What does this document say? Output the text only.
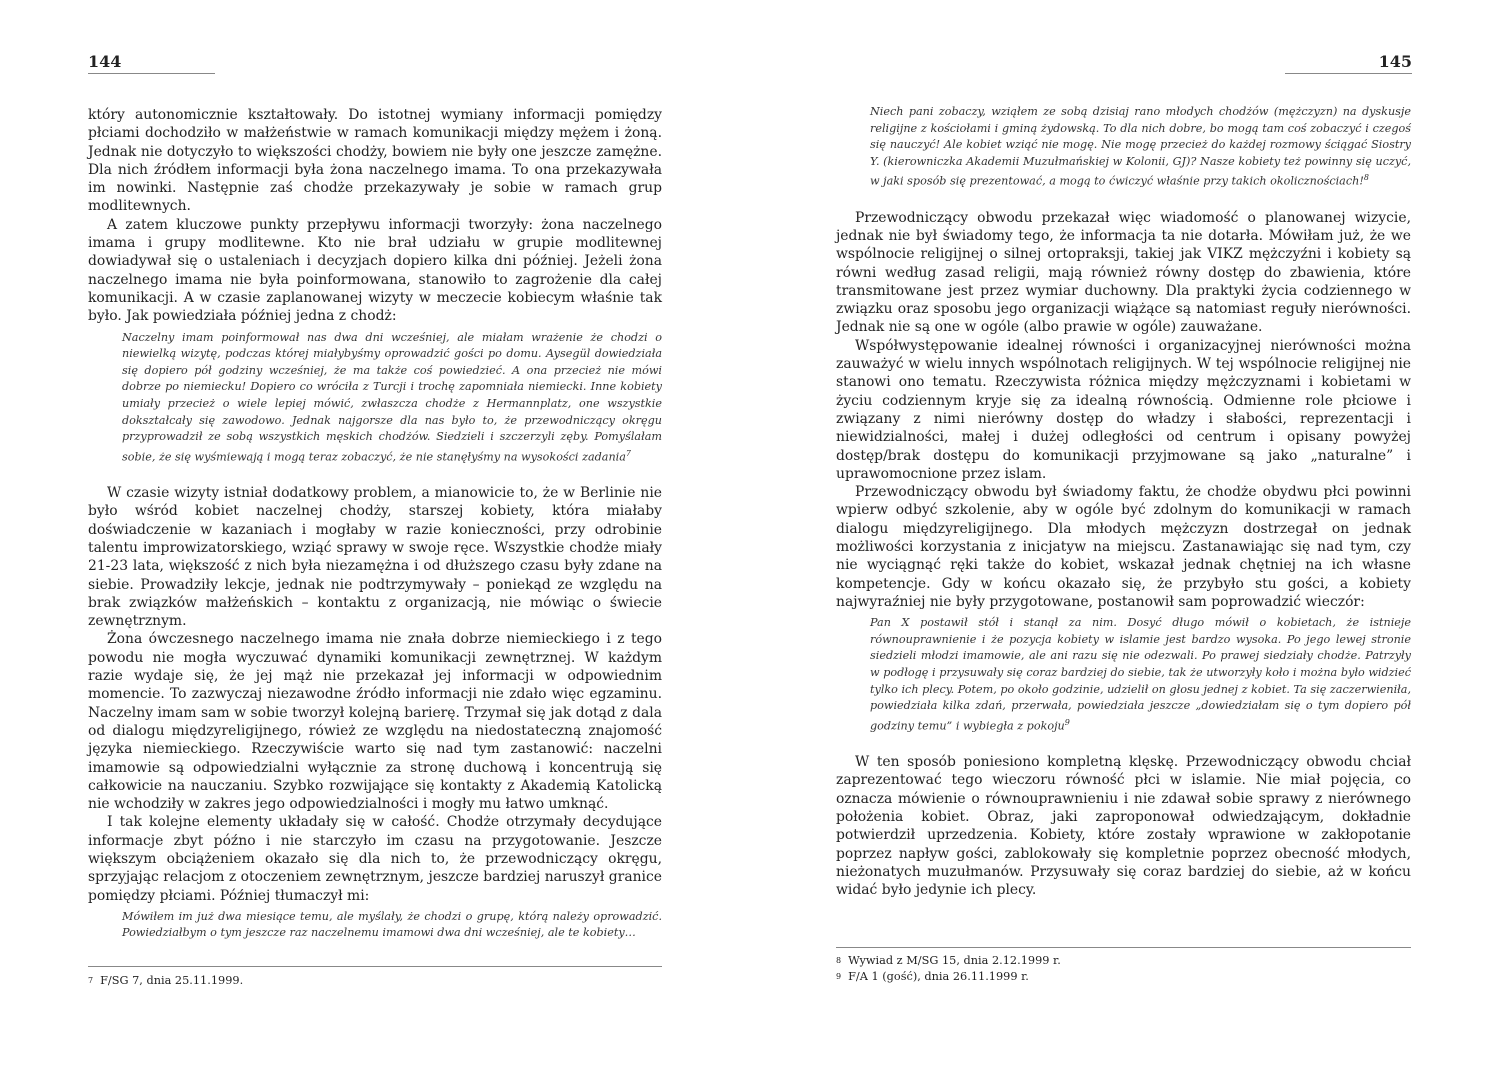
144

który autonomicznie kształtowały. Do istotnej wymiany informacji pomiędzy płciami dochodziło w małżeństwie w ramach komunikacji między mężem i żoną. Jednak nie dotyczyło to większości chodży, bowiem nie były one jeszcze zamężne. Dla nich źródłem informacji była żona naczelnego imama. To ona przekazywała im nowinki. Następnie zaś chodże przekazywały je sobie w ramach grup modlitewnych.

A zatem kluczowe punkty przepływu informacji tworzyły: żona naczelnego imama i grupy modlitewne. Kto nie brał udziału w grupie modlitewnej dowiadywał się o ustaleniach i decyzjach dopiero kilka dni później. Jeżeli żona naczelnego imama nie była poinformowana, stanowiło to zagrożenie dla całej komunikacji. A w czasie zaplanowanej wizyty w meczecie kobiecym właśnie tak było. Jak powiedziała później jedna z chodż:

Naczelny imam poinformował nas dwa dni wcześniej, ale miałam wrażenie że chodzi o niewielką wizytę, podczas której miałybyśmy oprowadzić gości po domu. Aysegül dowiedziała się dopiero pół godziny wcześniej, że ma także coś powiedzieć. A ona przecież nie mówi dobrze po niemiecku! Dopiero co wróciła z Turcji i trochę zapomniała niemiecki. Inne kobiety umiały przecież o wiele lepiej mówić, zwłaszcza chodże z Hermannplatz, one wszystkie dokształcały się zawodowo. Jednak najgorsze dla nas było to, że przewodniczący okręgu przyprowadził ze sobą wszystkich męskich chodżów. Siedzieli i szczerzyli zęby. Pomyślałam sobie, że się wyśmiewają i mogą teraz zobaczyć, że nie stanęłyśmy na wysokości zadania$^7$

W czasie wizyty istniał dodatkowy problem, a mianowicie to, że w Berlinie nie było wśród kobiet naczelnej chodży, starszej kobiety, która miałaby doświadczenie w kazaniach i mogłaby w razie konieczności, przy odrobinie talentu improwizatorskiego, wziąć sprawy w swoje ręce. Wszystkie chodże miały 21-23 lata, większość z nich była niezamężna i od dłuższego czasu były zdane na siebie. Prowadziły lekcje, jednak nie podtrzymywały – poniekąd ze względu na brak związków małżeńskich – kontaktu z organizacją, nie mówiąc o świecie zewnętrznym.

Żona ówczesnego naczelnego imama nie znała dobrze niemieckiego i z tego powodu nie mogła wyczuwać dynamiki komunikacji zewnętrznej. W każdym razie wydaje się, że jej mąż nie przekazał jej informacji w odpowiednim momencie. To zazwyczaj niezawodne źródło informacji nie zdało więc egzaminu. Naczelny imam sam w sobie tworzył kolejną barierę. Trzymał się jak dotąd z dala od dialogu międzyreligijnego, rówież ze względu na niedostateczną znajomość języka niemieckiego. Rzeczywiście warto się nad tym zastanowić: naczelni imamowie są odpowiedzialni wyłącznie za stronę duchową i koncentrują się całkowicie na nauczaniu. Szybko rozwijające się kontakty z Akademią Katolicką nie wchodziły w zakres jego odpowiedzialności i mogły mu łatwo umknąć.

I tak kolejne elementy układały się w całość. Chodże otrzymały decydujące informacje zbyt późno i nie starczyło im czasu na przygotowanie. Jeszcze większym obciążeniem okazało się dla nich to, że przewodniczący okręgu, sprzyjając relacjom z otoczeniem zewnętrznym, jeszcze bardziej naruszył granice pomiędzy płciami. Później tłumaczył mi:

Mówiłem im już dwa miesiące temu, ale myślały, że chodzi o grupę, którą należy oprowadzić. Powiedziałbym o tym jeszcze raz naczelnemu imamowi dwa dni wcześniej, ale te kobiety…

$^7$ F/SG 7, dnia 25.11.1999.
145

Niech pani zobaczy, wziąłem ze sobą dzisiaj rano młodych chodżów (mężczyzn) na dyskusje religijne z kościołami i gminą żydowską. To dla nich dobre, bo mogą tam coś zobaczyć i czegoś się nauczyć! Ale kobiet wziąć nie mogę. Nie mogę przecież do każdej rozmowy ściągać Siostry Y. (kierowniczka Akademii Muzułmańskiej w Kolonii, GJ)? Nasze kobiety też powinny się uczyć, w jaki sposób się prezentować, a mogą to ćwiczyć właśnie przy takich okolicznościach!$^8$

Przewodniczący obwodu przekazał więc wiadomość o planowanej wizycie, jednak nie był świadomy tego, że informacja ta nie dotarła. Mówiłam już, że we wspólnocie religijnej o silnej ortopraksji, takiej jak VIKZ mężczyźni i kobiety są równi według zasad religii, mają również równy dostęp do zbawienia, które transmitowane jest przez wymiar duchowny. Dla praktyki życia codziennego w związku oraz sposobu jego organizacji wiążące są natomiast reguły nierówności. Jednak nie są one w ogóle (albo prawie w ogóle) zauważane.

Współwystępowanie idealnej równości i organizacyjnej nierówności można zauważyć w wielu innych wspólnotach religijnych. W tej wspólnocie religijnej nie stanowi ono tematu. Rzeczywista różnica między mężczyznami i kobietami w życiu codziennym kryje się za idealną równością. Odmienne role płciowe i związany z nimi nierówny dostęp do władzy i słabości, reprezentacji i niewidzialności, małej i dużej odległości od centrum i opisany powyżej dostęp/brak dostępu do komunikacji przyjmowane są jako „naturalne” i uprawomocnione przez islam.

Przewodniczący obwodu był świadomy faktu, że chodże obydwu płci powinni wpierw odbyć szkolenie, aby w ogóle być zdolnym do komunikacji w ramach dialogu międzyreligijnego. Dla młodych mężczyzn dostrzegał on jednak możliwości korzystania z inicjatyw na miejscu. Zastanawiając się nad tym, czy nie wyciągnąć ręki także do kobiet, wskazał jednak chętniej na ich własne kompetencje. Gdy w końcu okazało się, że przybyło stu gości, a kobiety najwyraźniej nie były przygotowane, postanowił sam poprowadzić wieczór:

Pan X postawił stół i stanął za nim. Dosyć długo mówił o kobietach, że istnieje równouprawnienie i że pozycja kobiety w islamie jest bardzo wysoka. Po jego lewej stronie siedzieli młodzi imamowie, ale ani razu się nie odezwali. Po prawej siedziały chodże. Patrzyły w podłogę i przysuwały się coraz bardziej do siebie, tak że utworzyły koło i można było widzieć tylko ich plecy. Potem, po około godzinie, udzielił on głosu jednej z kobiet. Ta się zaczerwieniła, powiedziała kilka zdań, przerwała, powiedziała jeszcze „dowiedziałam się o tym dopiero pół godziny temu” i wybiegła z pokoju$^9$

W ten sposób poniesiono kompletną klęskę. Przewodniczący obwodu chciał zaprezentować tego wieczoru równość płci w islamie. Nie miał pojęcia, co oznacza mówienie o równouprawnieniu i nie zdawał sobie sprawy z nierównego położenia kobiet. Obraz, jaki zaproponował odwiedzającym, dokładnie potwierdził uprzedzenia. Kobiety, które zostały wprawione w zakłopotanie poprzez napływ gości, zablokowały się kompletnie poprzez obecność młodych, nieżonatych muzułmanów. Przysuwały się coraz bardziej do siebie, aż w końcu widać było jedynie ich plecy.

$^8$ Wywiad z M/SG 15, dnia 2.12.1999 r.
$^9$ F/A 1 (gość), dnia 26.11.1999 r.
